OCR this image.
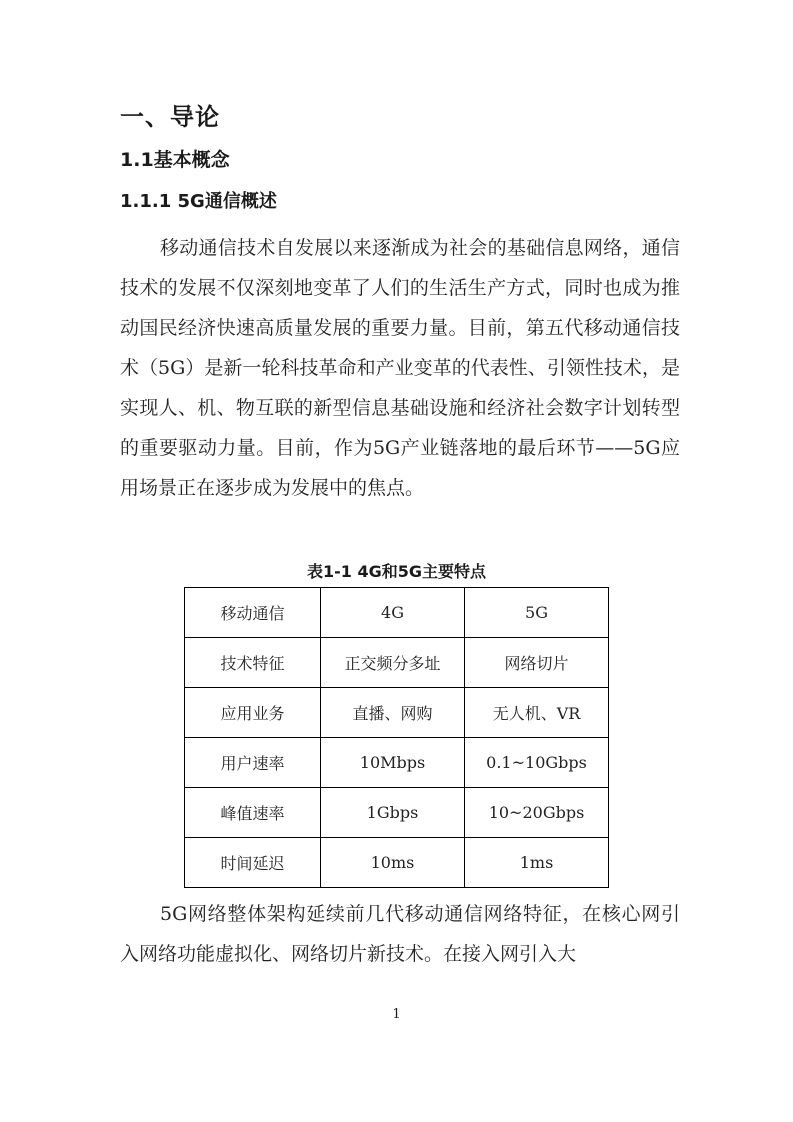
一、导论
1.1基本概念
1.1.1 5G通信概述

移动通信技术自发展以来逐渐成为社会的基础信息网络，通信技术的发展不仅深刻地变革了人们的生活生产方式，同时也成为推动国民经济快速高质量发展的重要力量。目前，第五代移动通信技术（5G）是新一轮科技革命和产业变革的代表性、引领性技术，是实现人、机、物互联的新型信息基础设施和经济社会数字计划转型的重要驱动力量。目前，作为5G产业链落地的最后环节——5G应用场景正在逐步成为发展中的焦点。

表1-1 4G和5G主要特点
移动通信	4G	5G
技术特征	正交频分多址	网络切片
应用业务	直播、网购	无人机、VR
用户速率	10Mbps	0.1~10Gbps
峰值速率	1Gbps	10~20Gbps
时间延迟	10ms	1ms

5G网络整体架构延续前几代移动通信网络特征，在核心网引入网络功能虚拟化、网络切片新技术。在接入网引入大

1
